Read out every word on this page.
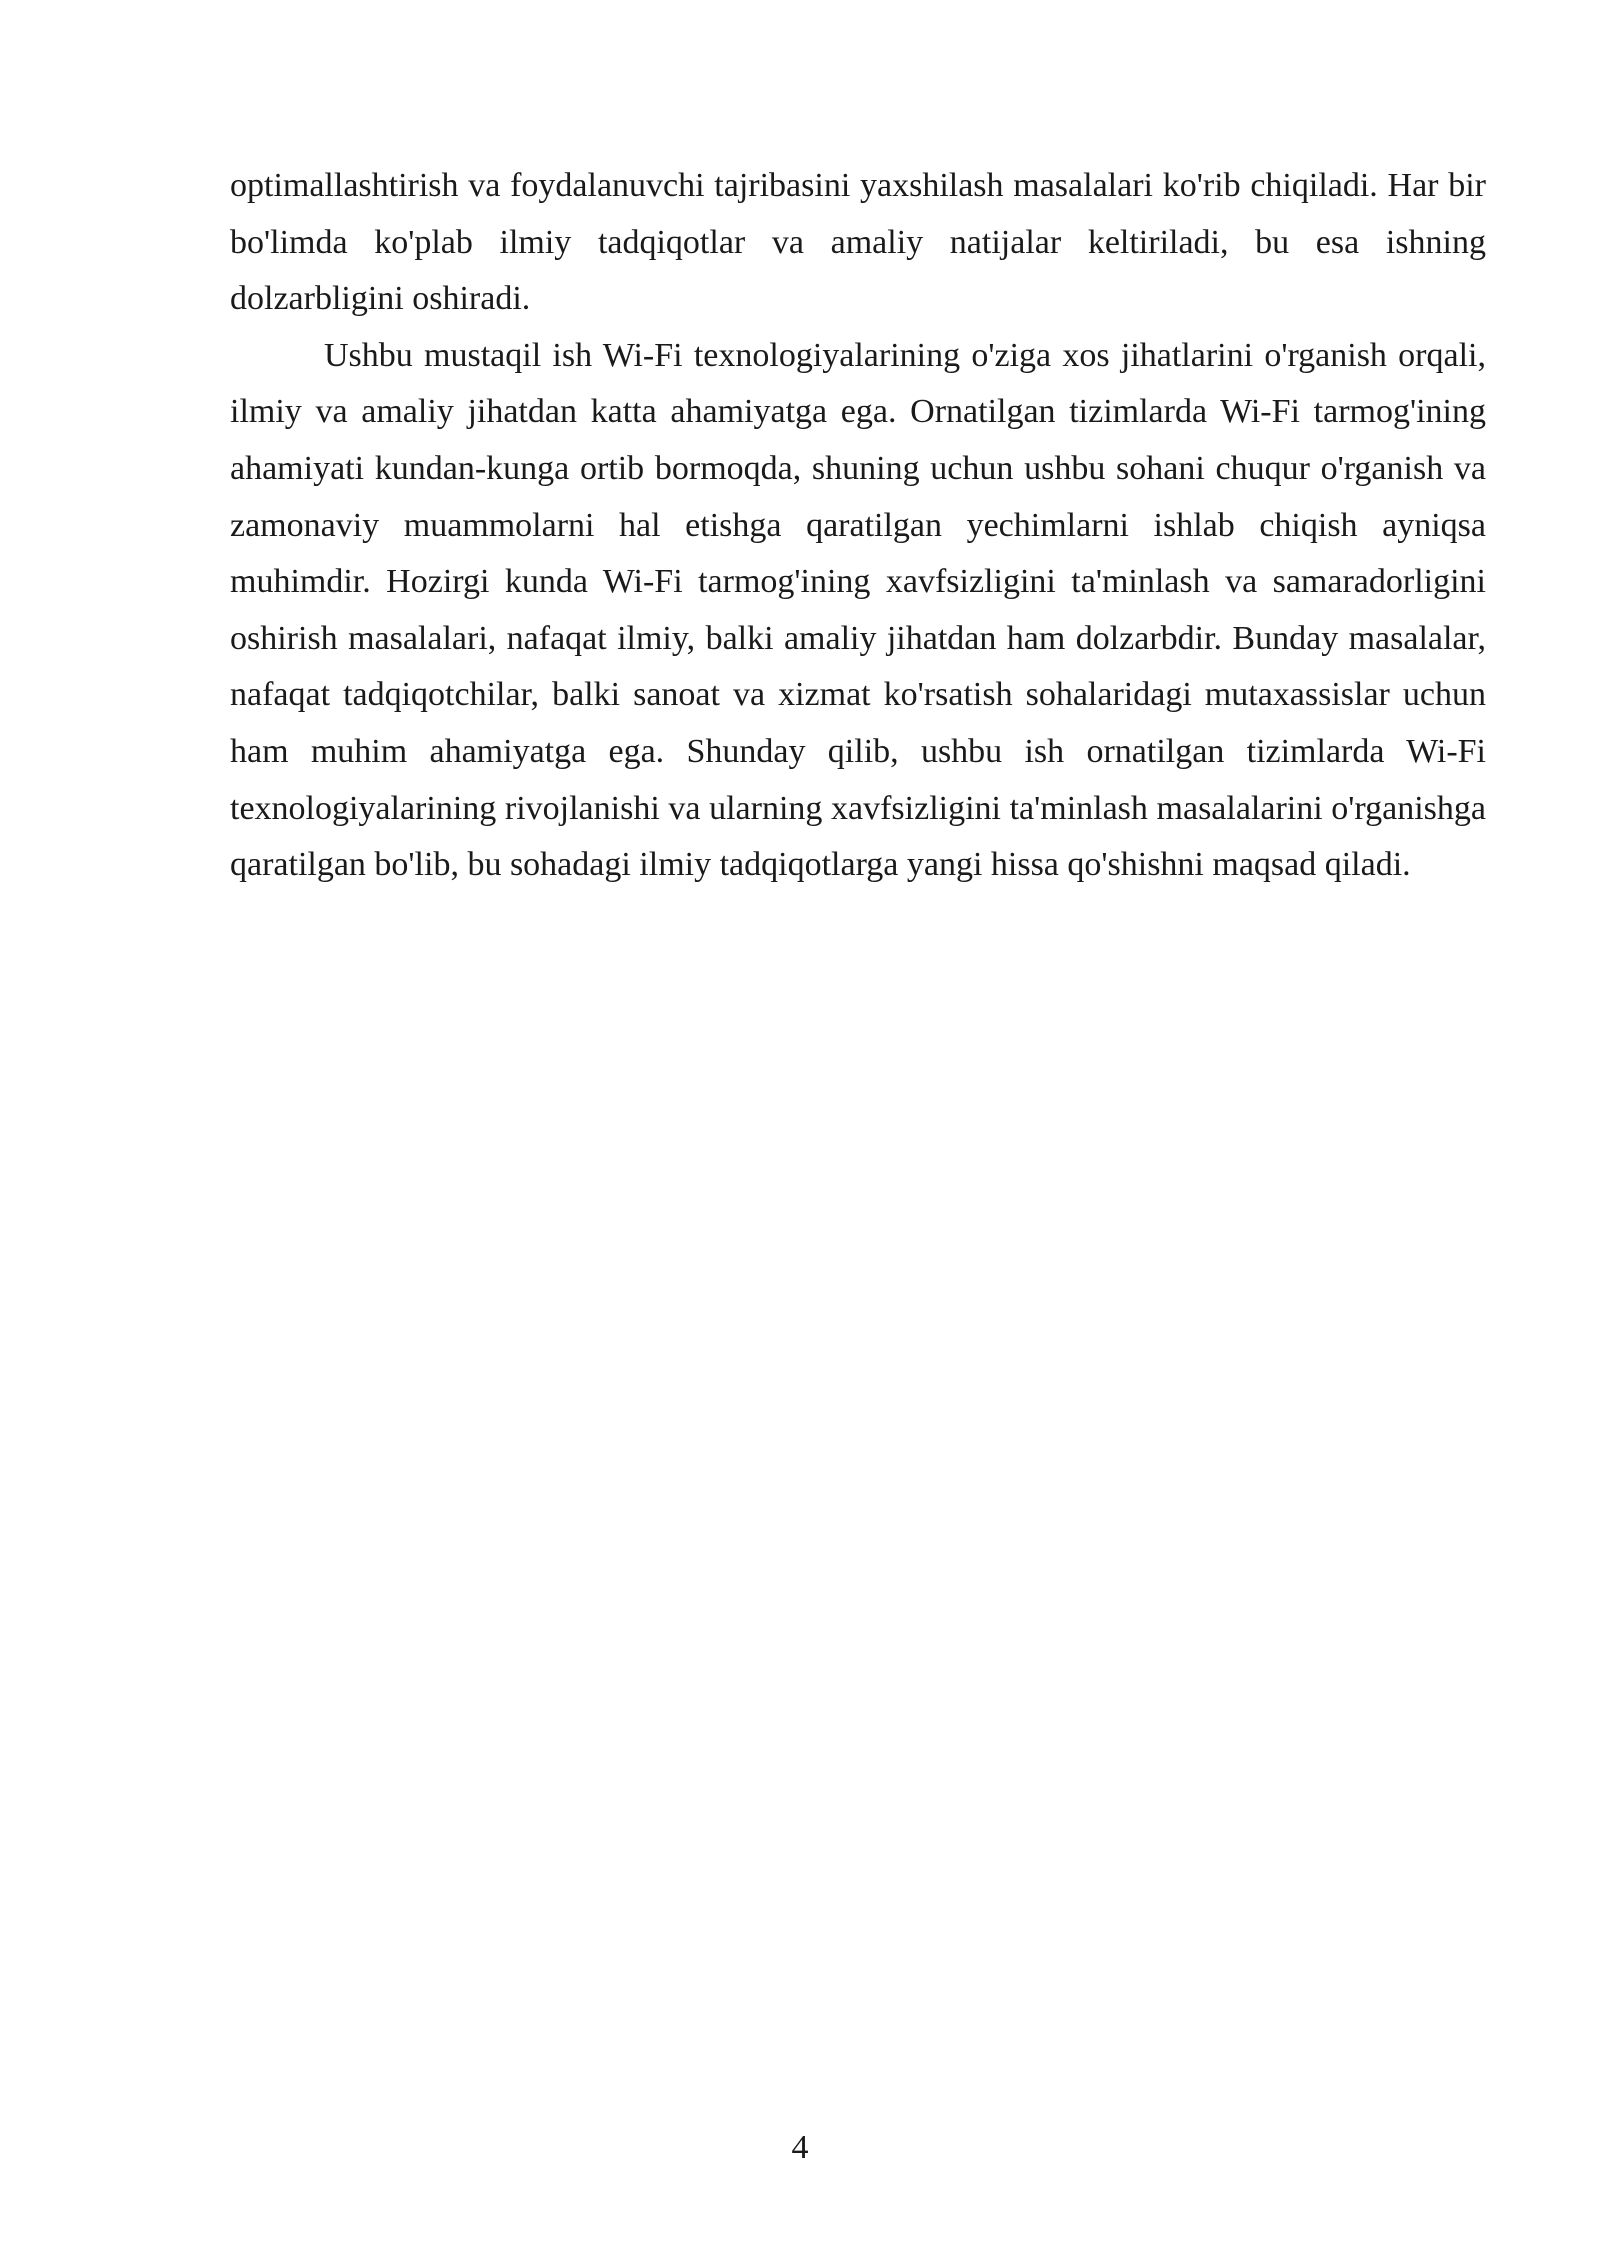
optimallashtirish va foydalanuvchi tajribasini yaxshilash masalalari ko'rib chiqiladi. Har bir bo'limda ko'plab ilmiy tadqiqotlar va amaliy natijalar keltiriladi, bu esa ishning dolzarbligini oshiradi.

Ushbu mustaqil ish Wi-Fi texnologiyalarining o'ziga xos jihatlarini o'rganish orqali, ilmiy va amaliy jihatdan katta ahamiyatga ega. Ornatilgan tizimlarda Wi-Fi tarmog'ining ahamiyati kundan-kunga ortib bormoqda, shuning uchun ushbu sohani chuqur o'rganish va zamonaviy muammolarni hal etishga qaratilgan yechimlarni ishlab chiqish ayniqsa muhimdir. Hozirgi kunda Wi-Fi tarmog'ining xavfsizligini ta'minlash va samaradorligini oshirish masalalari, nafaqat ilmiy, balki amaliy jihatdan ham dolzarbdir. Bunday masalalar, nafaqat tadqiqotchilar, balki sanoat va xizmat ko'rsatish sohalaridagi mutaxassislar uchun ham muhim ahamiyatga ega. Shunday qilib, ushbu ish ornatilgan tizimlarda Wi-Fi texnologiyalarining rivojlanishi va ularning xavfsizligini ta'minlash masalalarini o'rganishga qaratilgan bo'lib, bu sohadagi ilmiy tadqiqotlarga yangi hissa qo'shishni maqsad qiladi.

4
